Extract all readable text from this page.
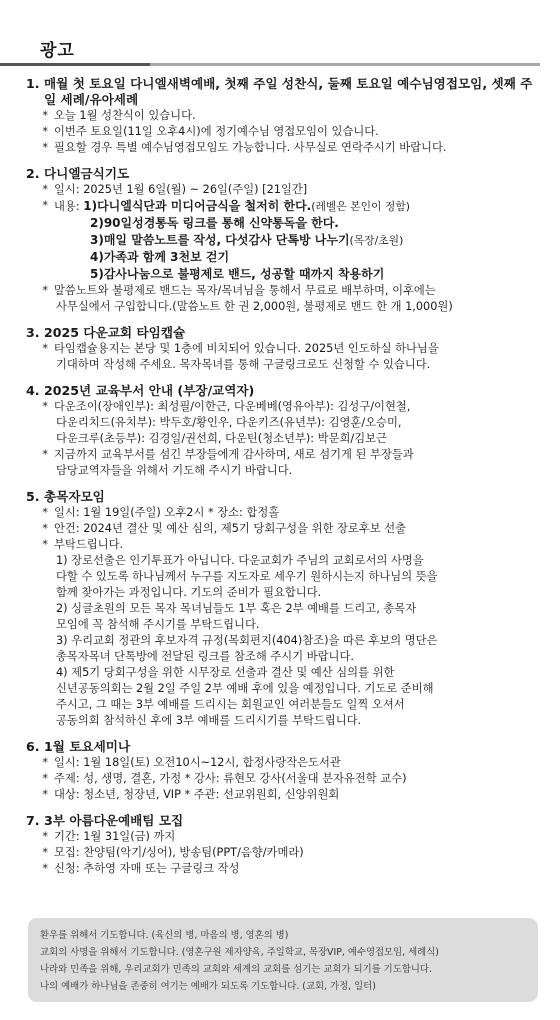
광고
1. 매월 첫 토요일 다니엘새벽예배, 첫째 주일 성찬식, 둘째 토요일 예수님영접모임, 셋째 주일 세례/유아세례
* 오늘 1월 성찬식이 있습니다.
* 이번주 토요일(11일 오후4시)에 정기예수님 영접모임이 있습니다.
* 필요할 경우 특별 예수님영접모임도 가능합니다. 사무실로 연락주시기 바랍니다.
2. 다니엘금식기도
* 일시: 2025년 1월 6일(월) ~ 26일(주일) [21일간]
* 내용: 1)다니엘식단과 미디어금식을 철저히 한다.(레벨은 본인이 정함)
2)90일성경통독 링크를 통해 신약통독을 한다.
3)매일 말씀노트를 작성, 다섯감사 단톡방 나누기(목장/초원)
4)가족과 함께 3천보 걷기
5)감사나눔으로 불평제로 밴드, 성공할 때까지 착용하기
* 말씀노트와 불평제로 밴드는 목자/목녀님을 통해서 무료로 배부하며, 이후에는
사무실에서 구입합니다.(말씀노트 한 권 2,000원, 불평제로 밴드 한 개 1,000원)
3. 2025 다운교회 타임캡슐
* 타임캡슐용지는 본당 및 1층에 비치되어 있습니다. 2025년 인도하실 하나님을
기대하며 작성해 주세요. 목자목녀를 통해 구글링크로도 신청할 수 있습니다.
4. 2025년 교육부서 안내 (부장/교역자)
* 다운조이(장애인부): 최성필/이한근, 다운베베(영유아부): 김성구/이현철,
다운리치드(유치부): 박두호/황인우, 다운키즈(유년부): 김영훈/오승미,
다운크루(초등부): 김경일/권선희, 다운틴(청소년부): 박문희/김보근
* 지금까지 교육부서를 섬긴 부장들에게 감사하며, 새로 섬기게 된 부장들과
담당교역자들을 위해서 기도해 주시기 바랍니다.
5. 총목자모임
* 일시: 1월 19일(주일) 오후2시 * 장소: 합정홀
* 안건: 2024년 결산 및 예산 심의, 제5기 당회구성을 위한 장로후보 선출
* 부탁드립니다.
1) 장로선출은 인기투표가 아닙니다. 다운교회가 주님의 교회로서의 사명을
다할 수 있도록 하나님께서 누구를 지도자로 세우기 원하시는지 하나님의 뜻을
함께 찾아가는 과정입니다. 기도의 준비가 필요합니다.
2) 싱글초원의 모든 목자 목녀님들도 1부 혹은 2부 예배를 드리고, 총목자
모임에 꼭 참석해 주시기를 부탁드립니다.
3) 우리교회 정관의 후보자격 규정(목회편지(404)참조)을 따른 후보의 명단은
총목자목녀 단톡방에 전달된 링크를 참조해 주시기 바랍니다.
4) 제5기 당회구성을 위한 시무장로 선출과 결산 및 예산 심의를 위한
신년공동의회는 2월 2일 주일 2부 예배 후에 있을 예정입니다. 기도로 준비해
주시고, 그 때는 3부 예배를 드리시는 회원교인 여러분들도 일찍 오셔서
공동의회 참석하신 후에 3부 예배를 드리시기를 부탁드립니다.
6. 1월 토요세미나
* 일시: 1월 18일(토) 오전10시~12시, 합정사랑작은도서관
* 주제: 성, 생명, 결혼, 가정 * 강사: 류현모 강사(서울대 분자유전학 교수)
* 대상: 청소년, 청장년, VIP * 주관: 선교위원회, 신앙위원회
7. 3부 아름다운예배팀 모집
* 기간: 1월 31일(금) 까지
* 모집: 찬양팀(악기/싱어), 방송팀(PPT/음향/카메라)
* 신청: 추하영 자매 또는 구글링크 작성
환우를 위해서 기도합니다. (육신의 병, 마음의 병, 영혼의 병)
교회의 사명을 위해서 기도합니다. (영혼구원 제자양육, 주일학교, 목장VIP, 예수영접모임, 세례식)
나라와 민족을 위해, 우리교회가 민족의 교회와 세계의 교회를 섬기는 교회가 되기를 기도합니다.
나의 예배가 하나님을 존중히 여기는 예배가 되도록 기도합니다. (교회, 가정, 일터)
